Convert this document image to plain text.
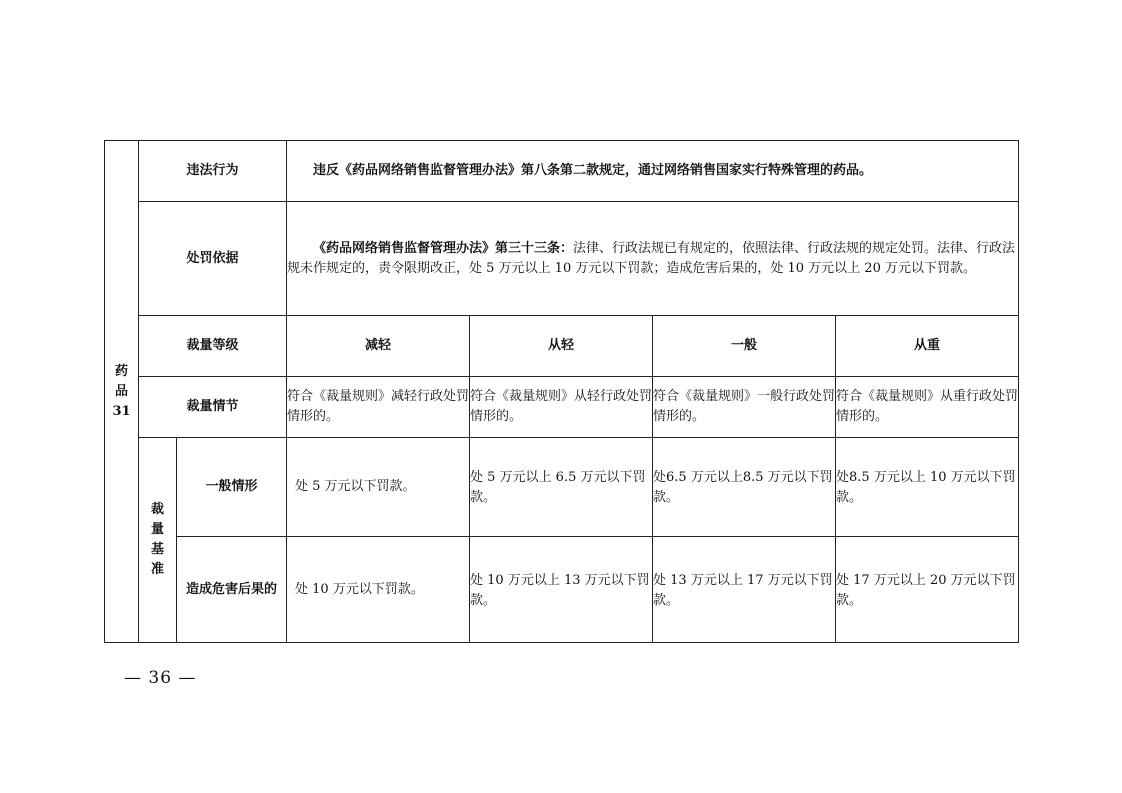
药
品
31	违法行为		违反《药品网络销售监督管理办法》第八条第二款规定，通过网络销售国家实行特殊管理的药品。			
	处罚依据		《药品网络销售监督管理办法》第三十三条：法律、行政法规已有规定的，依照法律、行政法规的规定处罚。法律、行政法规未作规定的，责令限期改正，处 5 万元以上 10 万元以下罚款；造成危害后果的，处 10 万元以上 20 万元以下罚款。			
	裁量等级		减轻	从轻	一般	从重
	裁量情节		符合《裁量规则》减轻行政处罚情形的。	符合《裁量规则》从轻行政处罚情形的。	符合《裁量规则》一般行政处罚情形的。	符合《裁量规则》从重行政处罚情形的。

	裁
量
基
准	一般情形	处 5 万元以下罚款。	处 5 万元以上 6.5 万元以下罚款。	处6.5 万元以上8.5 万元以下罚款。	处8.5 万元以上 10 万元以下罚款。
		造成危害后果的	处 10 万元以下罚款。	处 10 万元以上 13 万元以下罚款。	处 13 万元以上 17 万元以下罚款。	处 17 万元以上 20 万元以下罚款。
— 36 —
